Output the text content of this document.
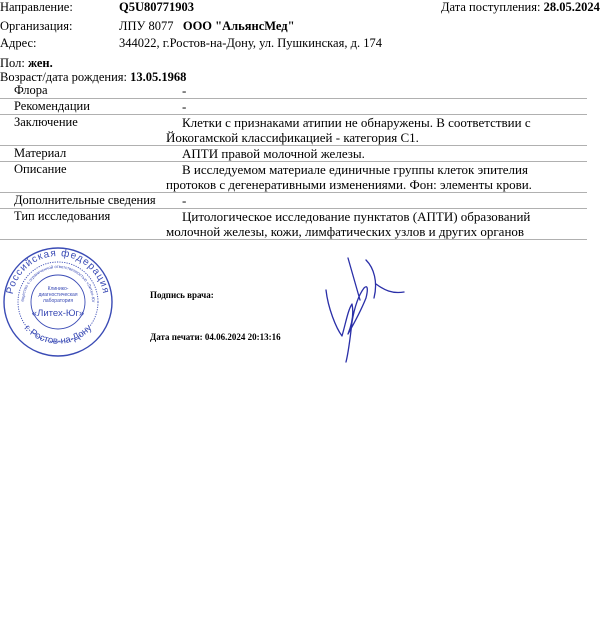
Направление:	Q5U80771903	Дата поступления: 28.05.2024
Организация:	ЛПУ 8077 ООО "АльянсМед"
Адрес:	344022, г.Ростов-на-Дону, ул. Пушкинская, д. 174
Пол: жен.
Возраст/дата рождения: 13.05.1968
Флора	-

Рекомендации	-

Заключение	Клетки с признаками атипии не обнаружены. В соответствии с
Йокогамской классификацией - категория С1.

Материал	АПТИ правой молочной железы.

Описание	В исследуемом материале единичные группы клеток эпителия
протоков с дегенеративными изменениями. Фон: элементы крови.

Дополнительные сведения	-

Тип исследования	Цитологическое исследование пунктатов (АПТИ) образований
молочной железы, кожи, лимфатических узлов и других органов
Российская федерация
г. Ростов-на-Дону
бщество с ограниченной ответственностью «Литех-Юг
Клинико-
диагностическая
лаборатория
«Литех-Юг»
Подпись врача:
Дата печати: 04.06.2024 20:13:16
